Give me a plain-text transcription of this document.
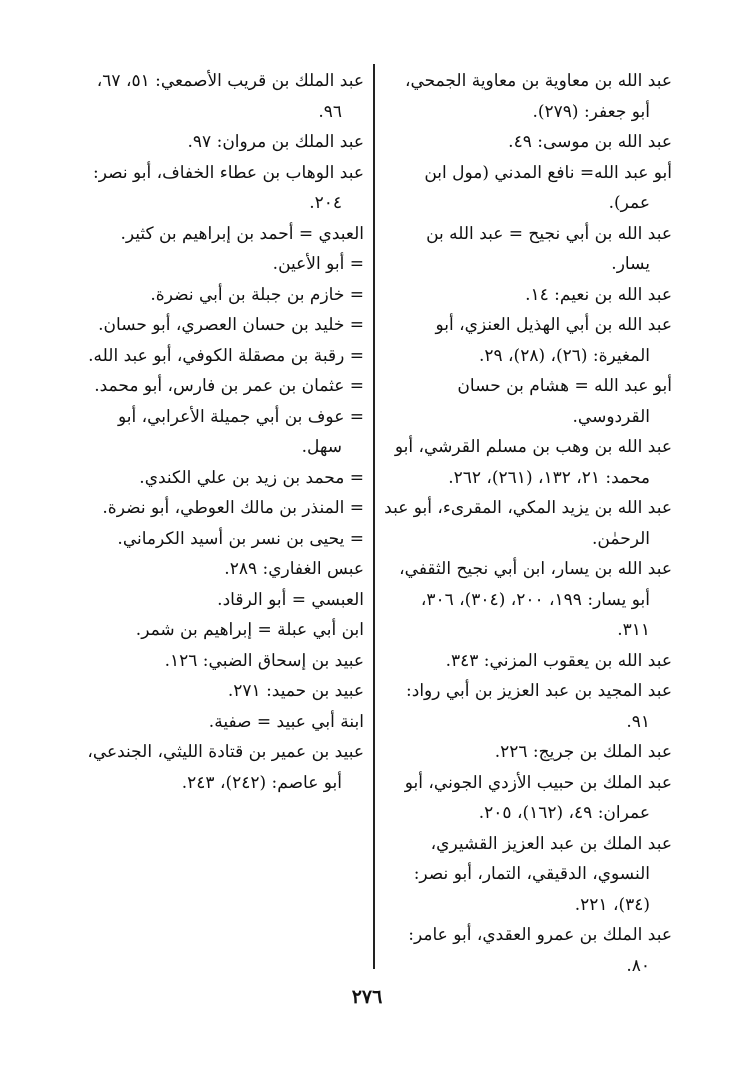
عبد الله بن معاوية بن معاوية الجمحي، أبو جعفر: (٢٧٩).

عبد الله بن موسى: ٤٩.

أبو عبد الله= نافع المدني (مول ابن عمر).

عبد الله بن أبي نجيح = عبد الله بن يسار.

عبد الله بن نعيم: ١٤.

عبد الله بن أبي الهذيل العنزي، أبو المغيرة: (٢٦)، (٢٨)، ٢٩.

أبو عبد الله = هشام بن حسان القردوسي.

عبد الله بن وهب بن مسلم القرشي، أبو محمد: ٢١، ١٣٢، (٢٦١)، ٢٦٢.

عبد الله بن يزيد المكي، المقرىء، أبو عبد الرحمٰن.

عبد الله بن يسار، ابن أبي نجيح الثقفي، أبو يسار: ١٩٩، ٢٠٠، (٣٠٤)، ٣٠٦، ٣١١.

عبد الله بن يعقوب المزني: ٣٤٣.

عبد المجيد بن عبد العزيز بن أبي رواد: ٩١.

عبد الملك بن جريج: ٢٢٦.

عبد الملك بن حبيب الأزدي الجوني، أبو عمران: ٤٩، (١٦٢)، ٢٠٥.

عبد الملك بن عبد العزيز القشيري، النسوي، الدقيقي، التمار، أبو نصر: (٣٤)، ٢٢١.

عبد الملك بن عمرو العقدي، أبو عامر: ٨٠.

عبد الملك بن قريب الأصمعي: ٥١، ٦٧، ٩٦.

عبد الملك بن مروان: ٩٧.

عبد الوهاب بن عطاء الخفاف، أبو نصر: ٢٠٤.

العبدي = أحمد بن إبراهيم بن كثير.

= أبو الأعين.

= خازم بن جبلة بن أبي نضرة.

= خليد بن حسان العصري، أبو حسان.

= رقبة بن مصقلة الكوفي، أبو عبد الله.

= عثمان بن عمر بن فارس، أبو محمد.

= عوف بن أبي جميلة الأعرابي، أبو سهل.

= محمد بن زيد بن علي الكندي.

= المنذر بن مالك العوطي، أبو نضرة.

= يحيى بن نسر بن أسيد الكرماني.

عبس الغفاري: ٢٨٩.

العبسي = أبو الرقاد.

ابن أبي عبلة = إبراهيم بن شمر.

عبيد بن إسحاق الضبي: ١٢٦.

عبيد بن حميد: ٢٧١.

ابنة أبي عبيد = صفية.

عبيد بن عمير بن قتادة الليثي، الجندعي، أبو عاصم: (٢٤٢)، ٢٤٣.

٢٧٦
